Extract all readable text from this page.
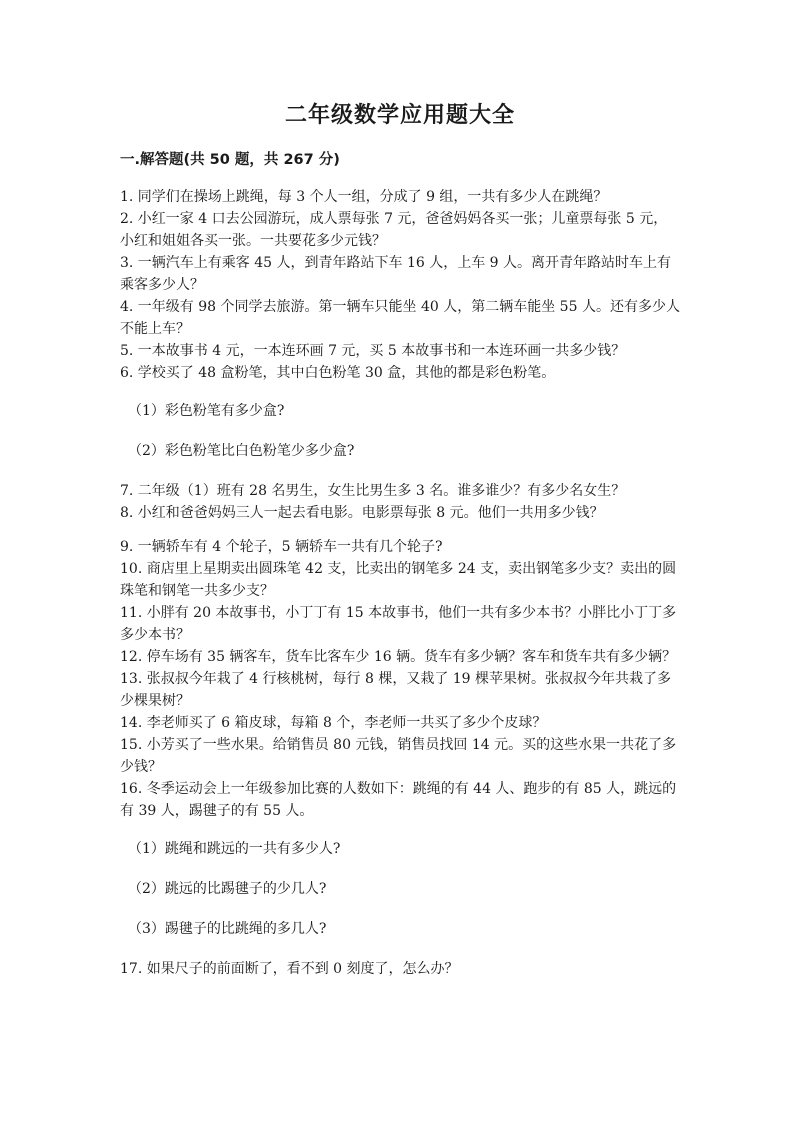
二年级数学应用题大全
一.解答题(共 50 题，共 267 分)

1. 同学们在操场上跳绳，每 3 个人一组，分成了 9 组，一共有多少人在跳绳？

2. 小红一家 4 口去公园游玩，成人票每张 7 元，爸爸妈妈各买一张；儿童票每张 5 元，小红和姐姐各买一张。一共要花多少元钱？

3. 一辆汽车上有乘客 45 人，到青年路站下车 16 人，上车 9 人。离开青年路站时车上有乘客多少人？

4. 一年级有 98 个同学去旅游。第一辆车只能坐 40 人，第二辆车能坐 55 人。还有多少人不能上车？

5. 一本故事书 4 元，一本连环画 7 元，买 5 本故事书和一本连环画一共多少钱？

6. 学校买了 48 盒粉笔，其中白色粉笔 30 盒，其他的都是彩色粉笔。

（1）彩色粉笔有多少盒?

（2）彩色粉笔比白色粉笔少多少盒?

7. 二年级（1）班有 28 名男生，女生比男生多 3 名。谁多谁少？有多少名女生？

8. 小红和爸爸妈妈三人一起去看电影。电影票每张 8 元。他们一共用多少钱？

9. 一辆轿车有 4 个轮子，5 辆轿车一共有几个轮子?

10. 商店里上星期卖出圆珠笔 42 支，比卖出的钢笔多 24 支，卖出钢笔多少支？卖出的圆珠笔和钢笔一共多少支？

11. 小胖有 20 本故事书，小丁丁有 15 本故事书，他们一共有多少本书？小胖比小丁丁多多少本书？

12. 停车场有 35 辆客车，货车比客车少 16 辆。货车有多少辆？客车和货车共有多少辆？

13. 张叔叔今年栽了 4 行核桃树，每行 8 棵，又栽了 19 棵苹果树。张叔叔今年共栽了多少棵果树？

14. 李老师买了 6 箱皮球，每箱 8 个，李老师一共买了多少个皮球？

15. 小芳买了一些水果。给销售员 80 元钱，销售员找回 14 元。买的这些水果一共花了多少钱？

16. 冬季运动会上一年级参加比赛的人数如下：跳绳的有 44 人、跑步的有 85 人，跳远的有 39 人，踢毽子的有 55 人。

（1）跳绳和跳远的一共有多少人?

（2）跳远的比踢毽子的少几人?

（3）踢毽子的比跳绳的多几人?

17. 如果尺子的前面断了，看不到 0 刻度了，怎么办？
